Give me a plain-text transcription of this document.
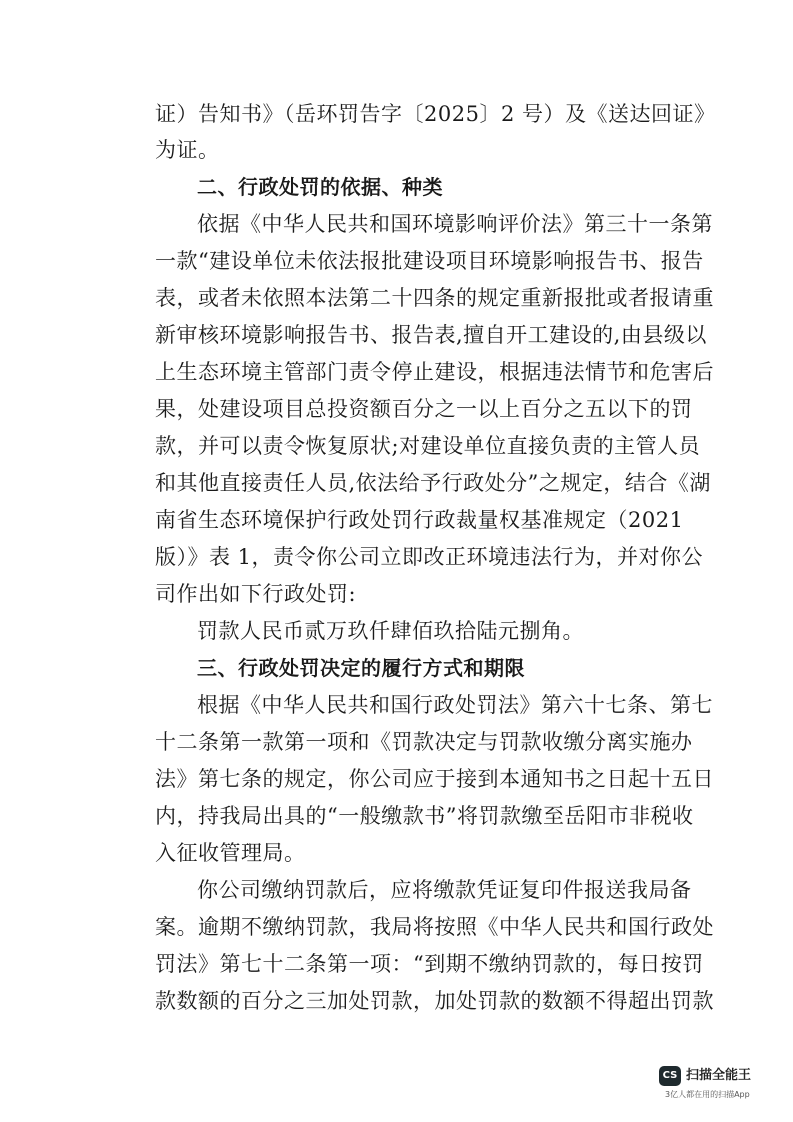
证）告知书》（岳环罚告字〔2025〕2 号）及《送达回证》
为证。
二、行政处罚的依据、种类
依据《中华人民共和国环境影响评价法》第三十一条第
一款“建设单位未依法报批建设项目环境影响报告书、报告
表，或者未依照本法第二十四条的规定重新报批或者报请重
新审核环境影响报告书、报告表,擅自开工建设的,由县级以
上生态环境主管部门责令停止建设，根据违法情节和危害后
果，处建设项目总投资额百分之一以上百分之五以下的罚
款，并可以责令恢复原状;对建设单位直接负责的主管人员
和其他直接责任人员,依法给予行政处分”之规定，结合《湖
南省生态环境保护行政处罚行政裁量权基准规定（2021
版）》表 1，责令你公司立即改正环境违法行为，并对你公
司作出如下行政处罚:
罚款人民币贰万玖仟肆佰玖拾陆元捌角。
三、行政处罚决定的履行方式和期限
根据《中华人民共和国行政处罚法》第六十七条、第七
十二条第一款第一项和《罚款决定与罚款收缴分离实施办
法》第七条的规定，你公司应于接到本通知书之日起十五日
内，持我局出具的“一般缴款书”将罚款缴至岳阳市非税收
入征收管理局。
你公司缴纳罚款后，应将缴款凭证复印件报送我局备
案。逾期不缴纳罚款，我局将按照《中华人民共和国行政处
罚法》第七十二条第一项：“到期不缴纳罚款的，每日按罚
款数额的百分之三加处罚款，加处罚款的数额不得超出罚款
CS 扫描全能王
3亿人都在用的扫描App
